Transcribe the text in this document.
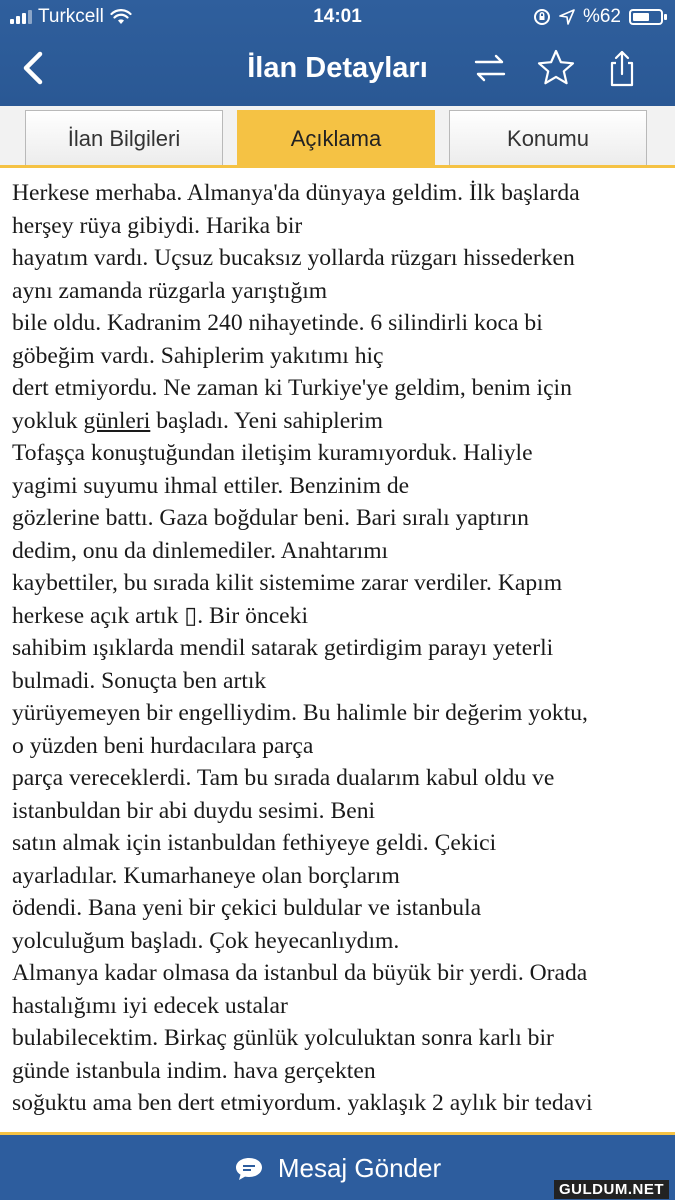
Turkcell	14:01	%62
İlan Detayları
İlan Bilgileri	Açıklama	Konumu
Herkese merhaba. Almanya'da dünyaya geldim. İlk başlarda
herşey rüya gibiydi. Harika bir
hayatım vardı. Uçsuz bucaksız yollarda rüzgarı hissederken
aynı zamanda rüzgarla yarıştığım
bile oldu. Kadranim 240 nihayetinde. 6 silindirli koca bi
göbeğim vardı. Sahiplerim yakıtımı hiç
dert etmiyordu. Ne zaman ki Turkiye'ye geldim, benim için
yokluk günleri başladı. Yeni sahiplerim
Tofaşça konuştuğundan iletişim kuramıyorduk. Haliyle
yagimi suyumu ihmal ettiler. Benzinim de
gözlerine battı. Gaza boğdular beni. Bari sıralı yaptırın
dedim, onu da dinlemediler. Anahtarımı
kaybettiler, bu sırada kilit sistemime zarar verdiler. Kapım
herkese açık artık ▯. Bir önceki
sahibim ışıklarda mendil satarak getirdigim parayı yeterli
bulmadi. Sonuçta ben artık
yürüyemeyen bir engelliydim. Bu halimle bir değerim yoktu,
o yüzden beni hurdacılara parça
parça vereceklerdi. Tam bu sırada dualarım kabul oldu ve
istanbuldan bir abi duydu sesimi. Beni
satın almak için istanbuldan fethiyeye geldi. Çekici
ayarladılar. Kumarhaneye olan borçlarım
ödendi. Bana yeni bir çekici buldular ve istanbula
yolculuğum başladı. Çok heyecanlıydım.
Almanya kadar olmasa da istanbul da büyük bir yerdi. Orada
hastalığımı iyi edecek ustalar
bulabilecektim. Birkaç günlük yolculuktan sonra karlı bir
günde istanbula indim. hava gerçekten
soğuktu ama ben dert etmiyordum. yaklaşık 2 aylık bir tedavi
Mesaj Gönder
GULDUM.NET
